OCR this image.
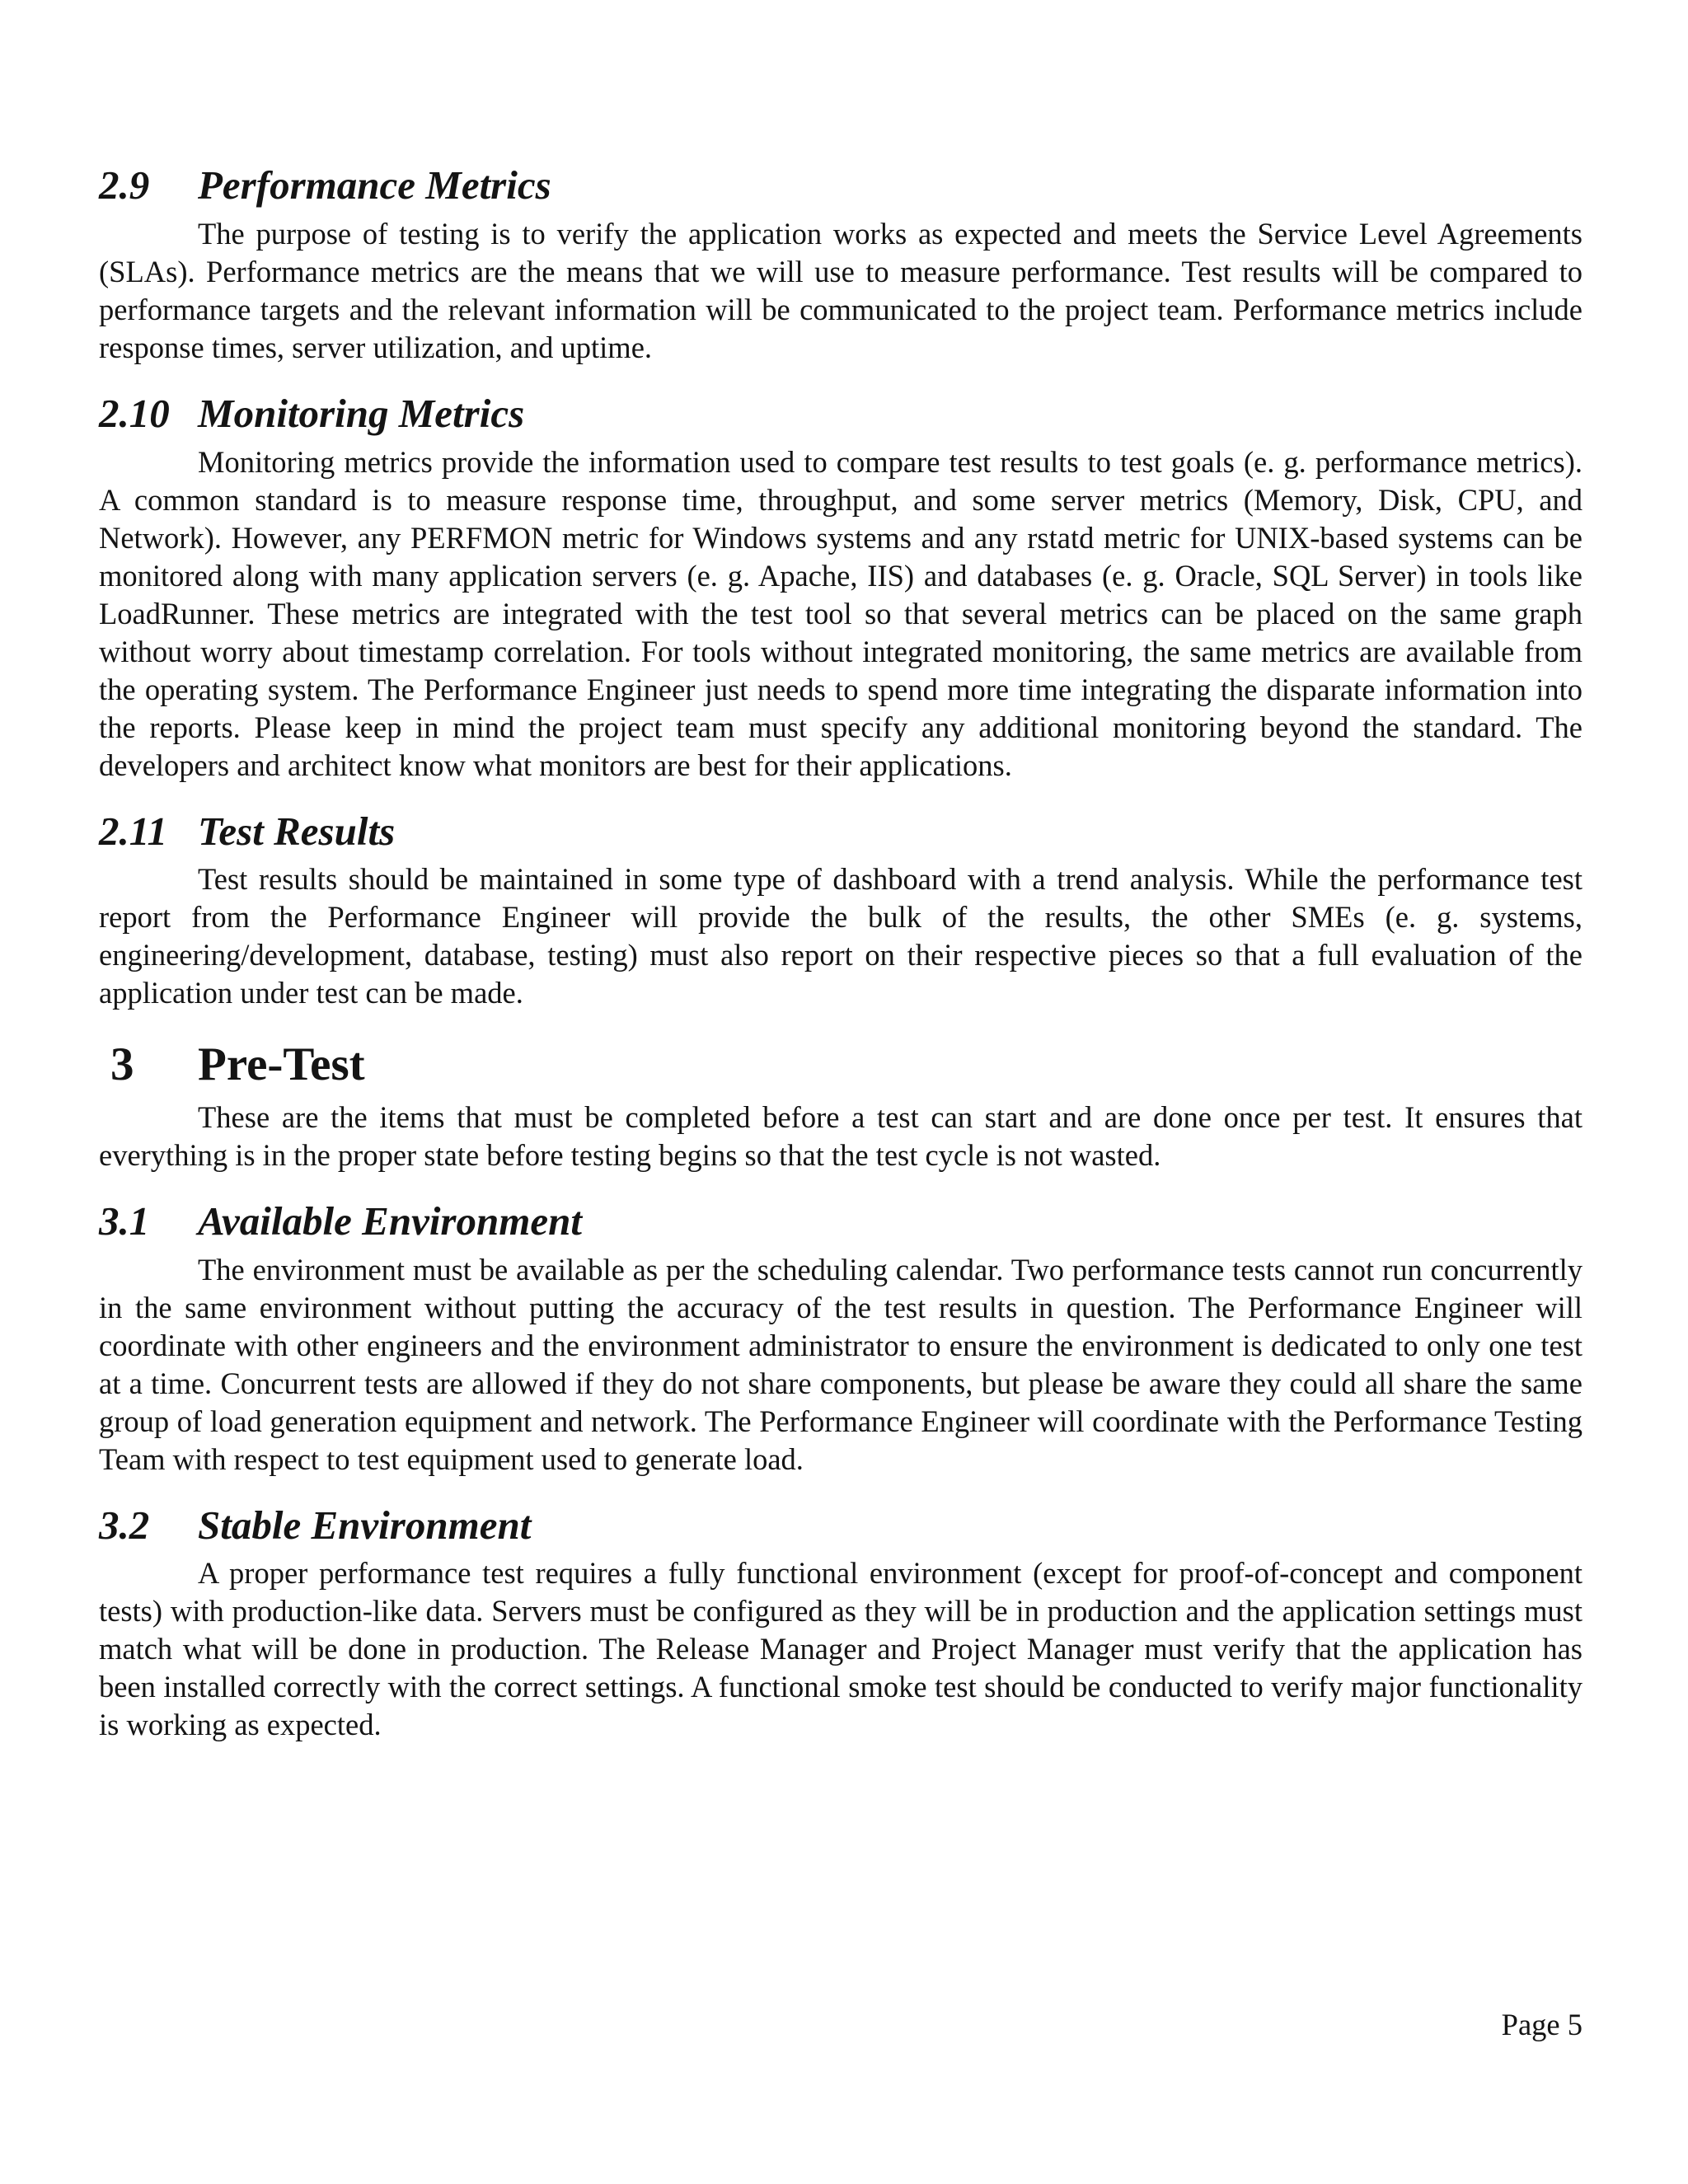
2.9 Performance Metrics

The purpose of testing is to verify the application works as expected and meets the Service Level Agreements (SLAs). Performance metrics are the means that we will use to measure performance. Test results will be compared to performance targets and the relevant information will be communicated to the project team. Performance metrics include response times, server utilization, and uptime.

2.10 Monitoring Metrics

Monitoring metrics provide the information used to compare test results to test goals (e. g. performance metrics). A common standard is to measure response time, throughput, and some server metrics (Memory, Disk, CPU, and Network). However, any PERFMON metric for Windows systems and any rstatd metric for UNIX-based systems can be monitored along with many application servers (e. g. Apache, IIS) and databases (e. g. Oracle, SQL Server) in tools like LoadRunner. These metrics are integrated with the test tool so that several metrics can be placed on the same graph without worry about timestamp correlation. For tools without integrated monitoring, the same metrics are available from the operating system. The Performance Engineer just needs to spend more time integrating the disparate information into the reports. Please keep in mind the project team must specify any additional monitoring beyond the standard. The developers and architect know what monitors are best for their applications.

2.11 Test Results

Test results should be maintained in some type of dashboard with a trend analysis. While the performance test report from the Performance Engineer will provide the bulk of the results, the other SMEs (e. g. systems, engineering/development, database, testing) must also report on their respective pieces so that a full evaluation of the application under test can be made.

3 Pre-Test

These are the items that must be completed before a test can start and are done once per test. It ensures that everything is in the proper state before testing begins so that the test cycle is not wasted.

3.1 Available Environment

The environment must be available as per the scheduling calendar. Two performance tests cannot run concurrently in the same environment without putting the accuracy of the test results in question. The Performance Engineer will coordinate with other engineers and the environment administrator to ensure the environment is dedicated to only one test at a time. Concurrent tests are allowed if they do not share components, but please be aware they could all share the same group of load generation equipment and network. The Performance Engineer will coordinate with the Performance Testing Team with respect to test equipment used to generate load.

3.2 Stable Environment

A proper performance test requires a fully functional environment (except for proof-of-concept and component tests) with production-like data. Servers must be configured as they will be in production and the application settings must match what will be done in production. The Release Manager and Project Manager must verify that the application has been installed correctly with the correct settings. A functional smoke test should be conducted to verify major functionality is working as expected.

Page 5
